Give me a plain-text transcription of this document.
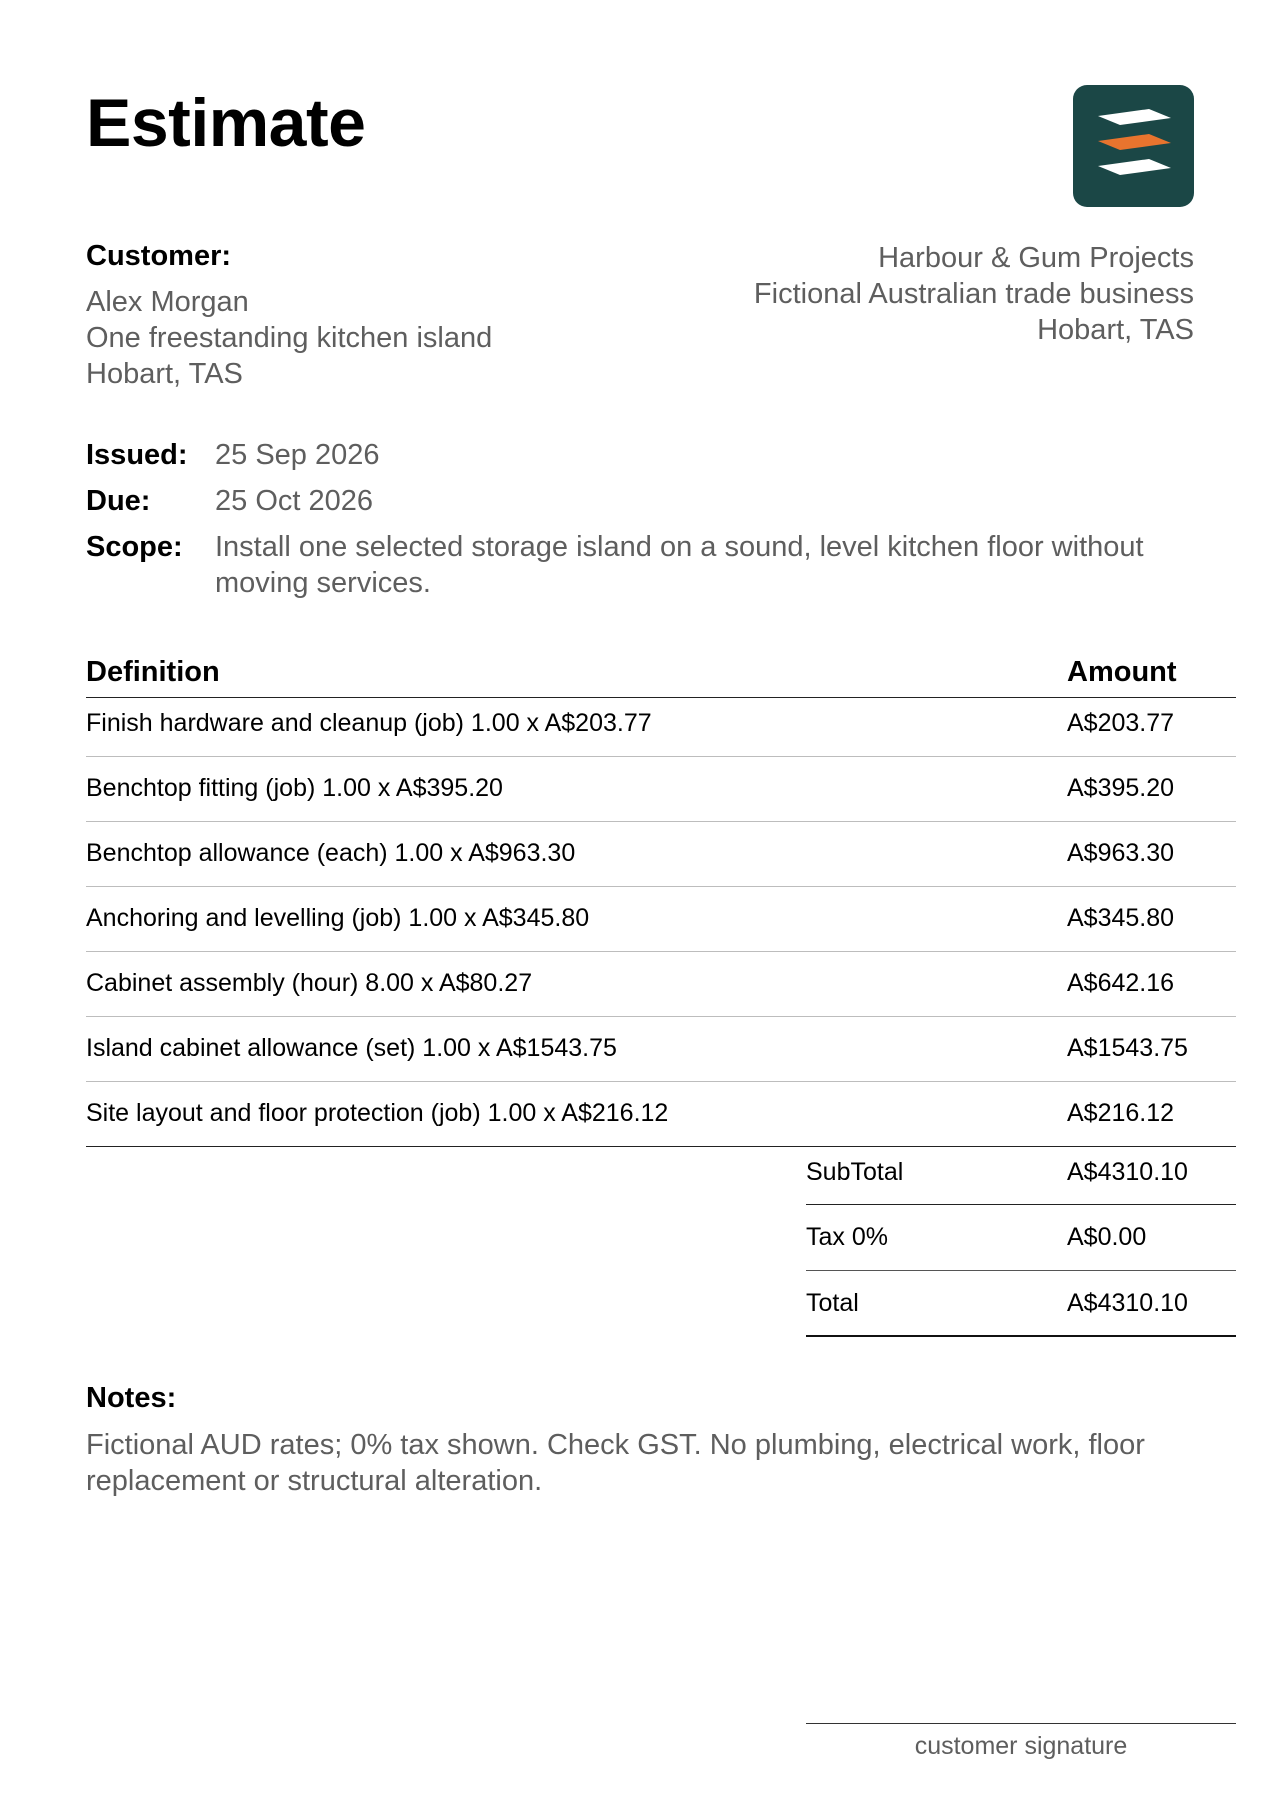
Estimate
Customer:
Alex Morgan
One freestanding kitchen island
Hobart, TAS
Harbour & Gum Projects
Fictional Australian trade business
Hobart, TAS
Issued: 25 Sep 2026
Due: 25 Oct 2026
Scope: Install one selected storage island on a sound, level kitchen floor without moving services.
Definition	Amount
Finish hardware and cleanup (job) 1.00 x A$203.77	A$203.77
Benchtop fitting (job) 1.00 x A$395.20	A$395.20
Benchtop allowance (each) 1.00 x A$963.30	A$963.30
Anchoring and levelling (job) 1.00 x A$345.80	A$345.80
Cabinet assembly (hour) 8.00 x A$80.27	A$642.16
Island cabinet allowance (set) 1.00 x A$1543.75	A$1543.75
Site layout and floor protection (job) 1.00 x A$216.12	A$216.12
SubTotal	A$4310.10
Tax 0%	A$0.00
Total	A$4310.10
Notes:
Fictional AUD rates; 0% tax shown. Check GST. No plumbing, electrical work, floor replacement or structural alteration.
customer signature
